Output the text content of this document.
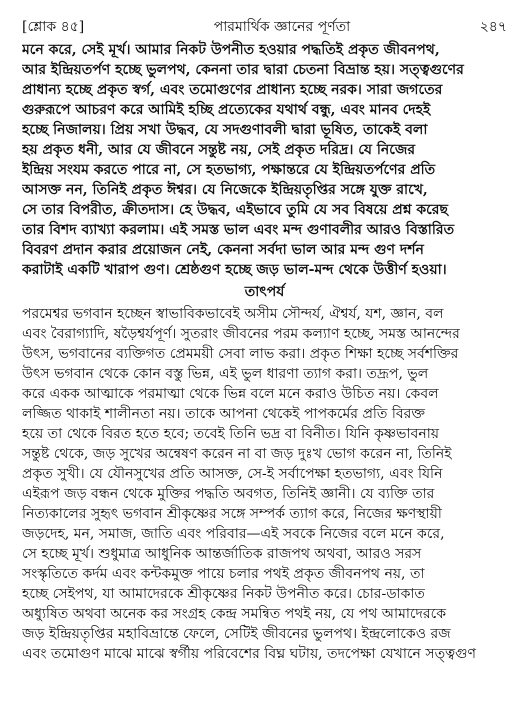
[শ্লোক ৪৫]	পারমার্থিক জ্ঞানের পূর্ণতা	২৪৭
মনে করে, সেই মূর্খ। আমার নিকট উপনীত হওয়ার পদ্ধতিই প্রকৃত জীবনপথ,
আর ইন্দ্রিয়তর্পণ হচ্ছে ভুলপথ, কেননা তার দ্বারা চেতনা বিভ্রান্ত হয়। সত্ত্বগুণের
প্রাধান্য হচ্ছে প্রকৃত স্বর্গ, এবং তমোগুণের প্রাধান্য হচ্ছে নরক। সারা জগতের
গুরুরূপে আচরণ করে আমিই হচ্ছি প্রত্যেকের যথার্থ বন্ধু, এবং মানব দেহই
হচ্ছে নিজালয়। প্রিয় সখা উদ্ধব, যে সদগুণাবলী দ্বারা ভূষিত, তাকেই বলা
হয় প্রকৃত ধনী, আর যে জীবনে সন্তুষ্ট নয়, সেই প্রকৃত দরিদ্র। যে নিজের
ইন্দ্রিয় সংযম করতে পারে না, সে হতভাগ্য, পক্ষান্তরে যে ইন্দ্রিয়তর্পণের প্রতি
আসক্ত নন, তিনিই প্রকৃত ঈশ্বর। যে নিজেকে ইন্দ্রিয়তৃপ্তির সঙ্গে যুক্ত রাখে,
সে তার বিপরীত, ক্রীতদাস। হে উদ্ধব, এইভাবে তুমি যে সব বিষয়ে প্রশ্ন করেছ
তার বিশদ ব্যাখ্যা করলাম। এই সমস্ত ভাল এবং মন্দ গুণাবলীর আরও বিস্তারিত
বিবরণ প্রদান করার প্রয়োজন নেই, কেননা সর্বদা ভাল আর মন্দ গুণ দর্শন
করাটাই একটি খারাপ গুণ। শ্রেষ্ঠগুণ হচ্ছে জড় ভাল-মন্দ থেকে উত্তীর্ণ হওয়া।
তাৎপর্য
পরমেশ্বর ভগবান হচ্ছেন স্বাভাবিকভাবেই অসীম সৌন্দর্য, ঐশ্বর্য, যশ, জ্ঞান, বল
এবং বৈরাগ্যাদি, ষড়ৈশ্বর্যপূর্ণ। সুতরাং জীবনের পরম কল্যাণ হচ্ছে, সমস্ত আনন্দের
উৎস, ভগবানের ব্যক্তিগত প্রেমময়ী সেবা লাভ করা। প্রকৃত শিক্ষা হচ্ছে সর্বশক্তির
উৎস ভগবান থেকে কোন বস্তু ভিন্ন, এই ভুল ধারণা ত্যাগ করা। তদ্রূপ, ভুল
করে একক আত্মাকে পরমাত্মা থেকে ভিন্ন বলে মনে করাও উচিত নয়। কেবল
লজ্জিত থাকাই শালীনতা নয়। তাকে আপনা থেকেই পাপকর্মের প্রতি বিরক্ত
হয়ে তা থেকে বিরত হতে হবে; তবেই তিনি ভদ্র বা বিনীত। যিনি কৃষ্ণভাবনায়
সন্তুষ্ট থেকে, জড় সুখের অন্বেষণ করেন না বা জড় দুঃখ ভোগ করেন না, তিনিই
প্রকৃত সুখী। যে যৌনসুখের প্রতি আসক্ত, সে-ই সর্বাপেক্ষা হতভাগ্য, এবং যিনি
এইরূপ জড় বন্ধন থেকে মুক্তির পদ্ধতি অবগত, তিনিই জ্ঞানী। যে ব্যক্তি তার
নিত্যকালের সুহৃৎ ভগবান শ্রীকৃষ্ণের সঙ্গে সম্পর্ক ত্যাগ করে, নিজের ক্ষণস্থায়ী
জড়দেহ, মন, সমাজ, জাতি এবং পরিবার—এই সবকে নিজের বলে মনে করে,
সে হচ্ছে মূর্খ। শুধুমাত্র আধুনিক আন্তর্জাতিক রাজপথ অথবা, আরও সরস
সংস্কৃতিতে কর্দম এবং কন্টকমুক্ত পায়ে চলার পথই প্রকৃত জীবনপথ নয়, তা
হচ্ছে সেইপথ, যা আমাদেরকে শ্রীকৃষ্ণের নিকট উপনীত করে। চোর-ডাকাত
অধ্যুষিত অথবা অনেক কর সংগ্রহ কেন্দ্র সমন্বিত পথই নয়, যে পথ আমাদেরকে
জড় ইন্দ্রিয়তৃপ্তির মহাবিভ্রান্তে ফেলে, সেটিই জীবনের ভুলপথ। ইন্দ্রলোকেও রজ
এবং তমোগুণ মাঝে মাঝে স্বর্গীয় পরিবেশের বিঘ্ন ঘটায়, তদপেক্ষা যেখানে সত্ত্বগুণ
